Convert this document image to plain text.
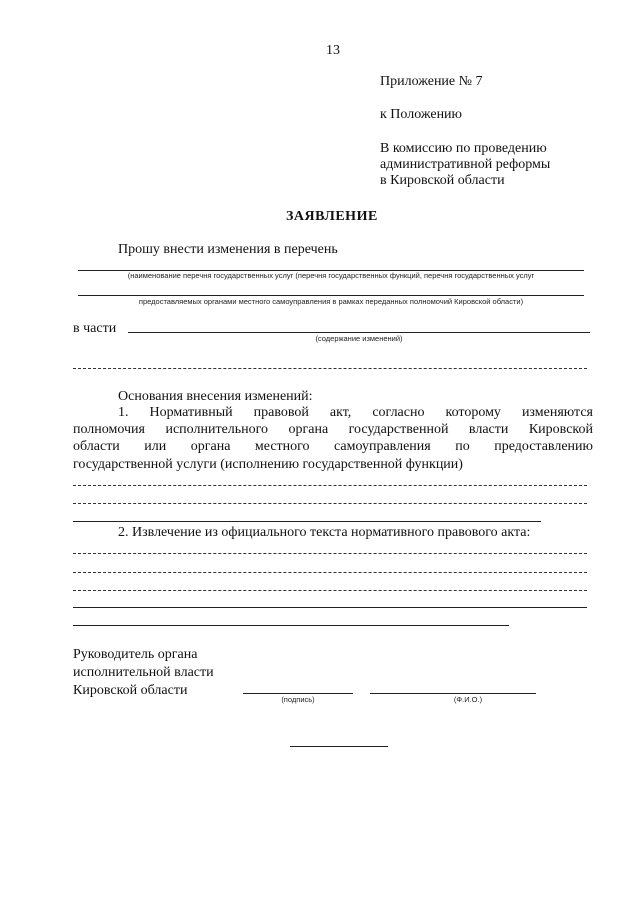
13
Приложение № 7
к Положению
В комиссию по проведению
административной реформы
в Кировской области
ЗАЯВЛЕНИЕ
Прошу внести изменения в перечень
(наименование перечня государственных услуг (перечня государственных функций, перечня государственных услуг
предоставляемых органами местного самоуправления в рамках переданных полномочий Кировской области)
в части
(содержание изменений)
Основания внесения изменений:
1. Нормативный правовой акт, согласно которому изменяются
полномочия исполнительного органа государственной власти Кировской
области или органа местного самоуправления по предоставлению
государственной услуги (исполнению государственной функции)
2. Извлечение из официального текста нормативного правового акта:
Руководитель органа
исполнительной власти
Кировской области
(подпись)	(Ф.И.О.)
